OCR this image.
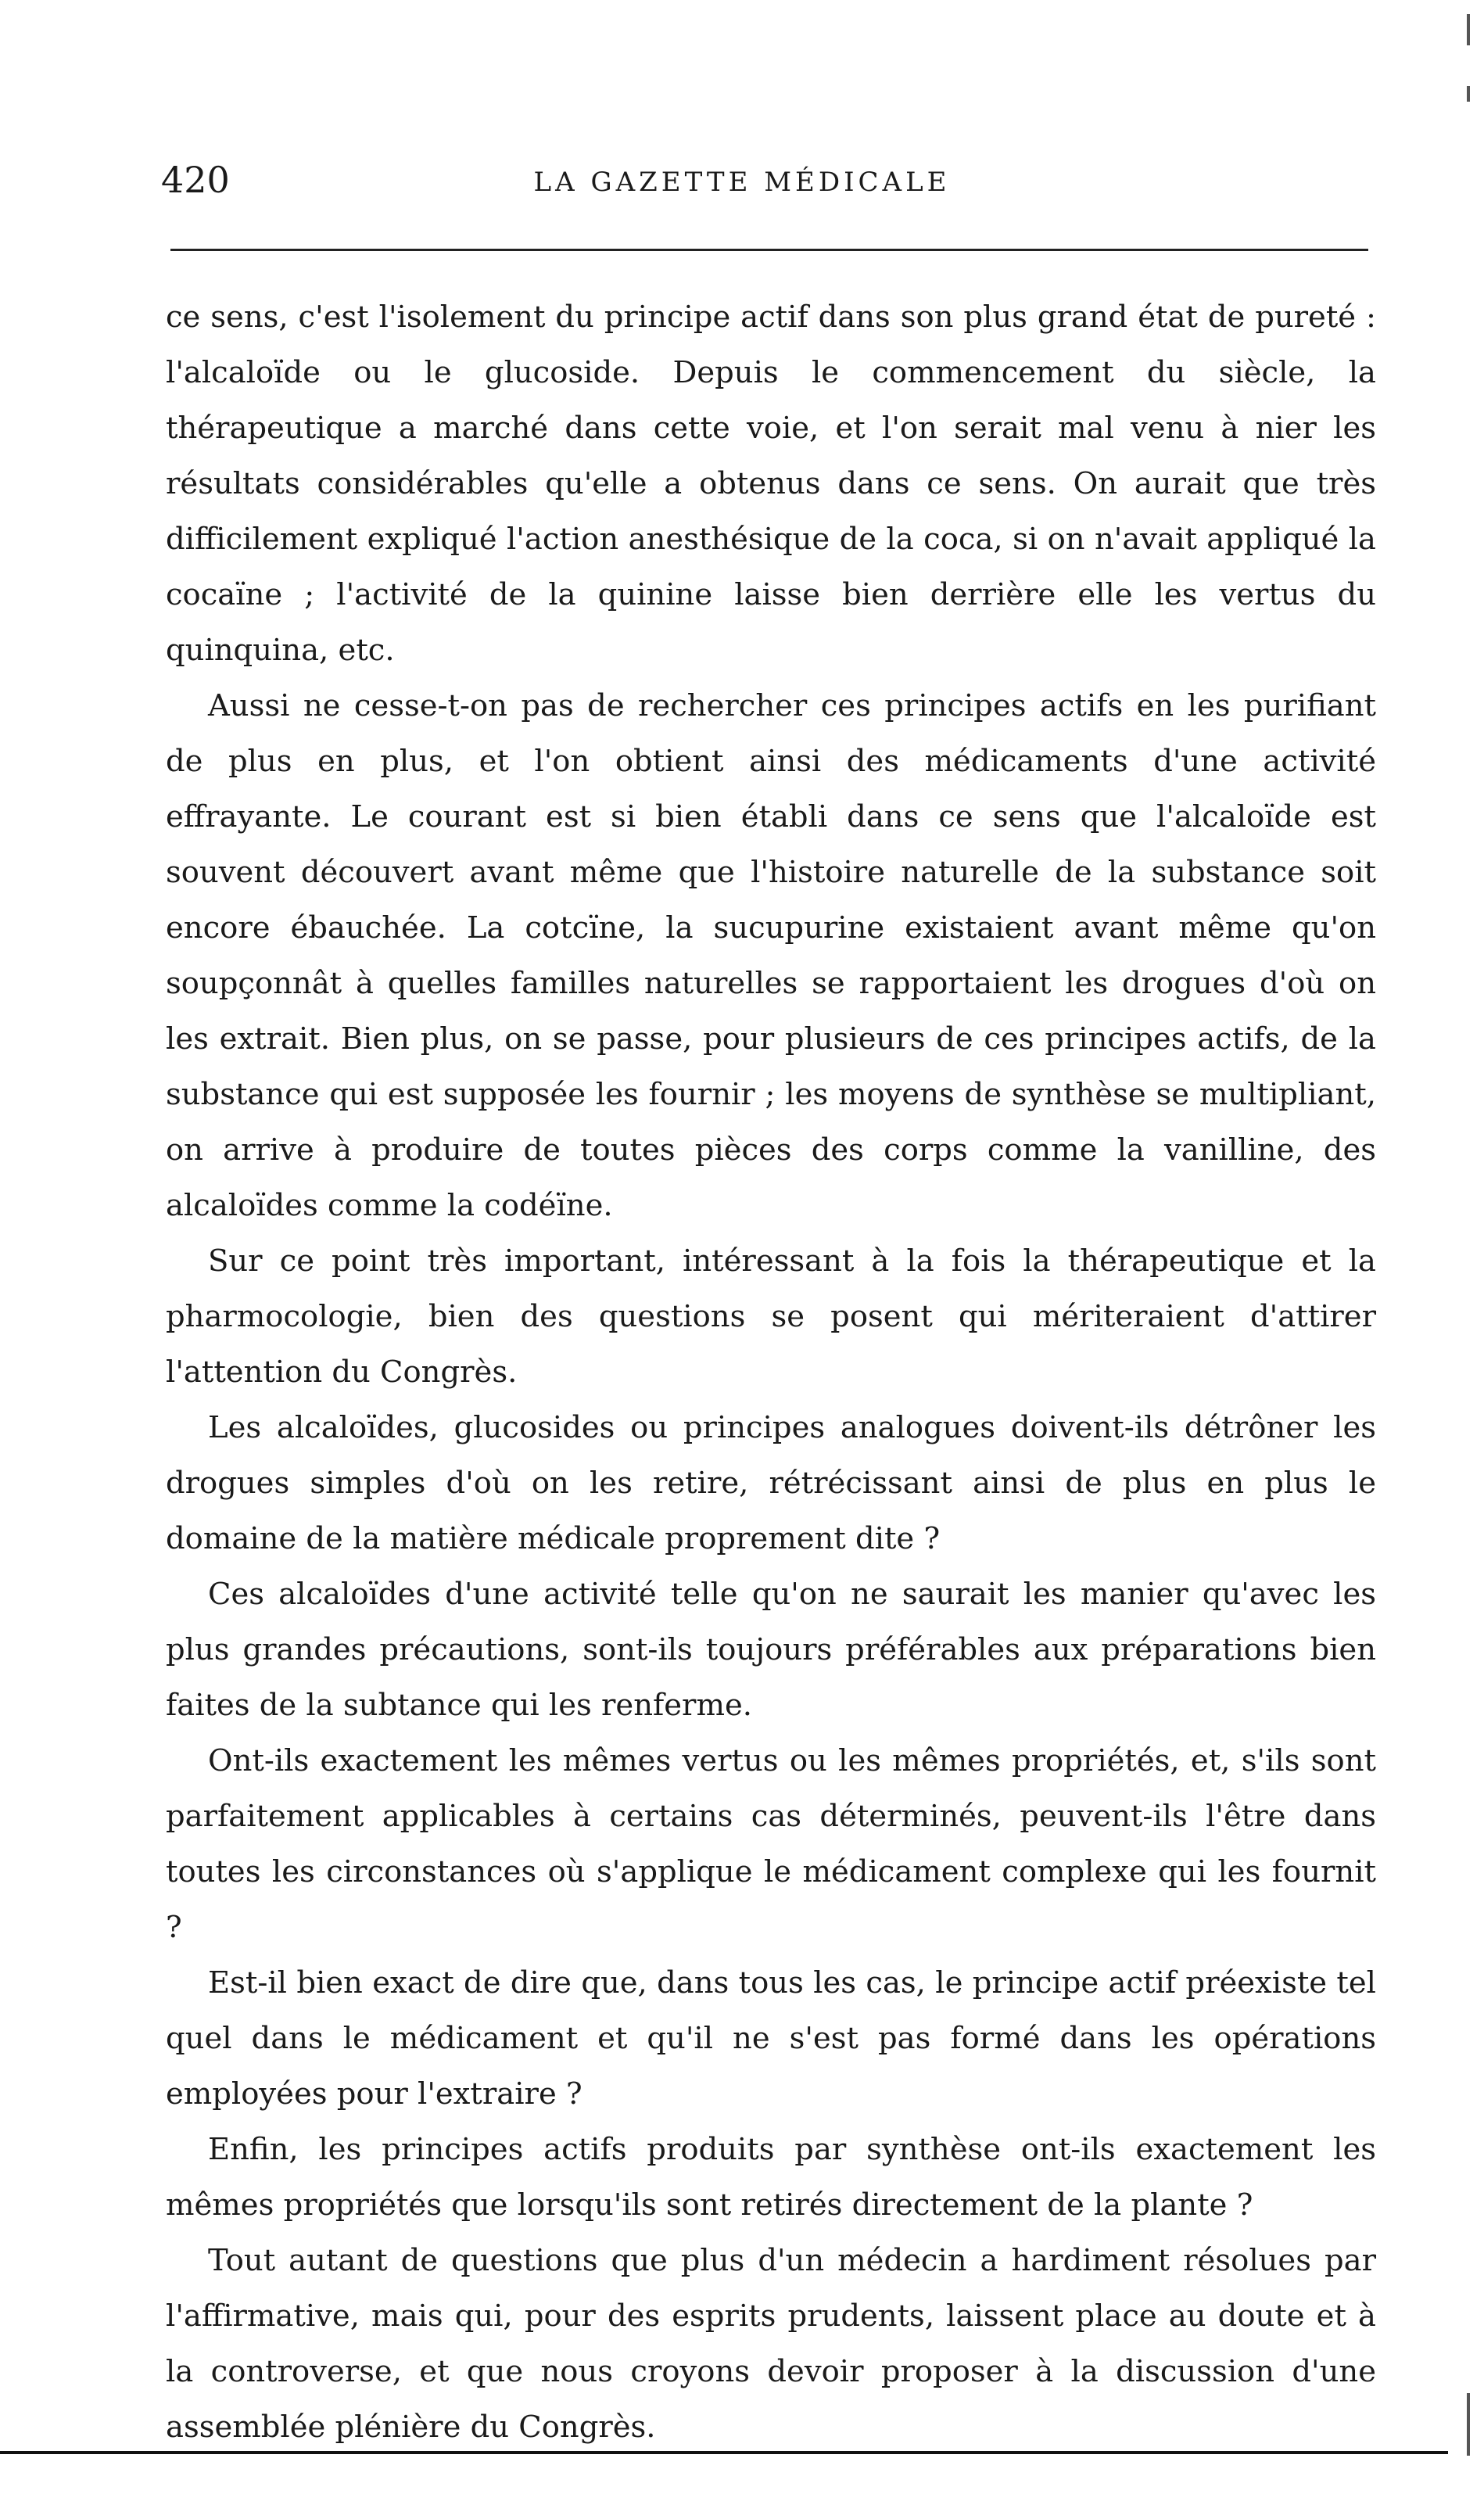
420	LA GAZETTE MÉDICALE

ce sens, c'est l'isolement du principe actif dans son plus grand état de pureté : l'alcaloïde ou le glucoside. Depuis le commencement du siècle, la thérapeutique a marché dans cette voie, et l'on serait mal venu à nier les résultats considérables qu'elle a obtenus dans ce sens. On aurait que très difficilement expliqué l'action anesthésique de la coca, si on n'avait appliqué la cocaïne ; l'activité de la quinine laisse bien derrière elle les vertus du quinquina, etc.

Aussi ne cesse-t-on pas de rechercher ces principes actifs en les purifiant de plus en plus, et l'on obtient ainsi des médicaments d'une activité effrayante. Le courant est si bien établi dans ce sens que l'alcaloïde est souvent découvert avant même que l'histoire naturelle de la substance soit encore ébauchée. La cotcïne, la sucupurine existaient avant même qu'on soupçonnât à quelles familles naturelles se rapportaient les drogues d'où on les extrait. Bien plus, on se passe, pour plusieurs de ces principes actifs, de la substance qui est supposée les fournir ; les moyens de synthèse se multipliant, on arrive à produire de toutes pièces des corps comme la vanilline, des alcaloïdes comme la codéïne.

Sur ce point très important, intéressant à la fois la thérapeutique et la pharmocologie, bien des questions se posent qui mériteraient d'attirer l'attention du Congrès.

Les alcaloïdes, glucosides ou principes analogues doivent-ils détrôner les drogues simples d'où on les retire, rétrécissant ainsi de plus en plus le domaine de la matière médicale proprement dite ?

Ces alcaloïdes d'une activité telle qu'on ne saurait les manier qu'avec les plus grandes précautions, sont-ils toujours préférables aux préparations bien faites de la subtance qui les renferme.

Ont-ils exactement les mêmes vertus ou les mêmes propriétés, et, s'ils sont parfaitement applicables à certains cas déterminés, peuvent-ils l'être dans toutes les circonstances où s'applique le médicament complexe qui les fournit ?

Est-il bien exact de dire que, dans tous les cas, le principe actif préexiste tel quel dans le médicament et qu'il ne s'est pas formé dans les opérations employées pour l'extraire ?

Enfin, les principes actifs produits par synthèse ont-ils exactement les mêmes propriétés que lorsqu'ils sont retirés directement de la plante ?

Tout autant de questions que plus d'un médecin a hardiment résolues par l'affirmative, mais qui, pour des esprits prudents, laissent place au doute et à la controverse, et que nous croyons devoir proposer à la discussion d'une assemblée plénière du Congrès.
